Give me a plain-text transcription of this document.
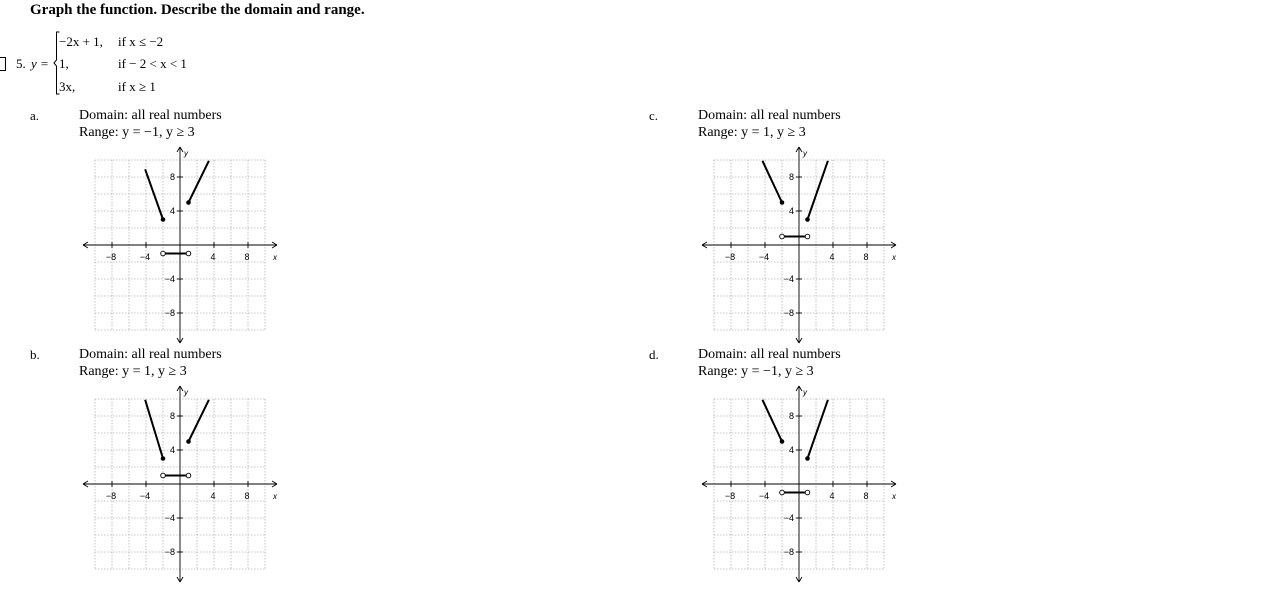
Graph the function. Describe the domain and range.
5. y =
−2x + 1, if x ≤ −2
1,	if − 2 < x < 1
3x,	if x ≥ 1
a.	Domain: all real numbers
Range: y = −1, y ≥ 3
−8	−4	4	8
8
4
−4
−8
x
y
b.	Domain: all real numbers
Range: y = 1, y ≥ 3
−8	−4	4	8
8
4
−4
−8
x
y
c.	Domain: all real numbers
Range: y = 1, y ≥ 3
−8	−4	4	8
8
4
−4
−8
x
y
d.	Domain: all real numbers
Range: y = −1, y ≥ 3
−8	−4	4	8
8
4
−4
−8
x
y
